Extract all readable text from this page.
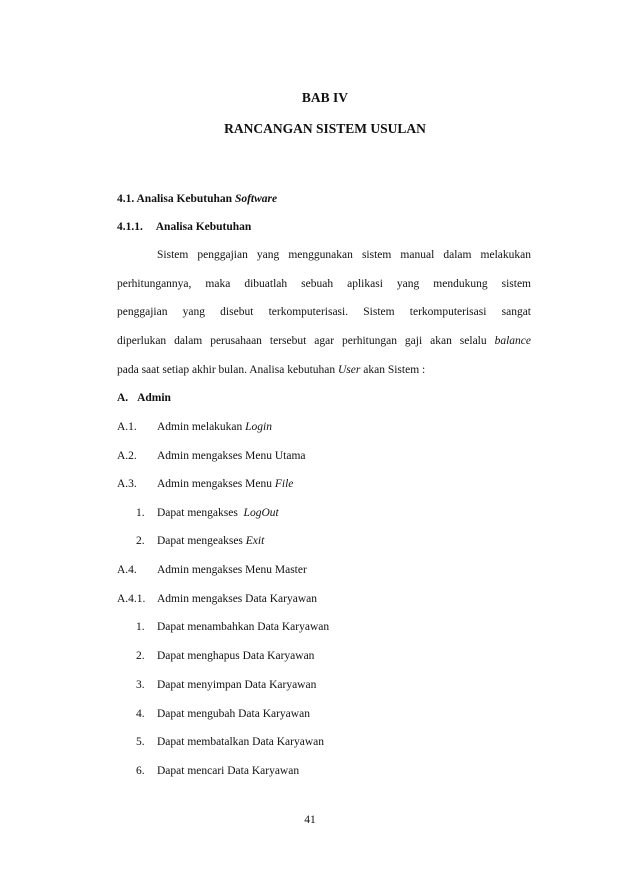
BAB IV
RANCANGAN SISTEM USULAN
4.1. Analisa Kebutuhan Software
4.1.1. Analisa Kebutuhan
Sistem penggajian yang menggunakan sistem manual dalam melakukan
perhitungannya, maka dibuatlah sebuah aplikasi yang mendukung sistem
penggajian yang disebut terkomputerisasi. Sistem terkomputerisasi sangat
diperlukan dalam perusahaan tersebut agar perhitungan gaji akan selalu balance
pada saat setiap akhir bulan. Analisa kebutuhan User akan Sistem :
A. Admin
A.1. Admin melakukan Login
A.2. Admin mengakses Menu Utama
A.3. Admin mengakses Menu File
1. Dapat mengakses  LogOut
2. Dapat mengeakses Exit
A.4. Admin mengakses Menu Master
A.4.1. Admin mengakses Data Karyawan
1. Dapat menambahkan Data Karyawan
2. Dapat menghapus Data Karyawan
3. Dapat menyimpan Data Karyawan
4. Dapat mengubah Data Karyawan
5. Dapat membatalkan Data Karyawan
6. Dapat mencari Data Karyawan
41
